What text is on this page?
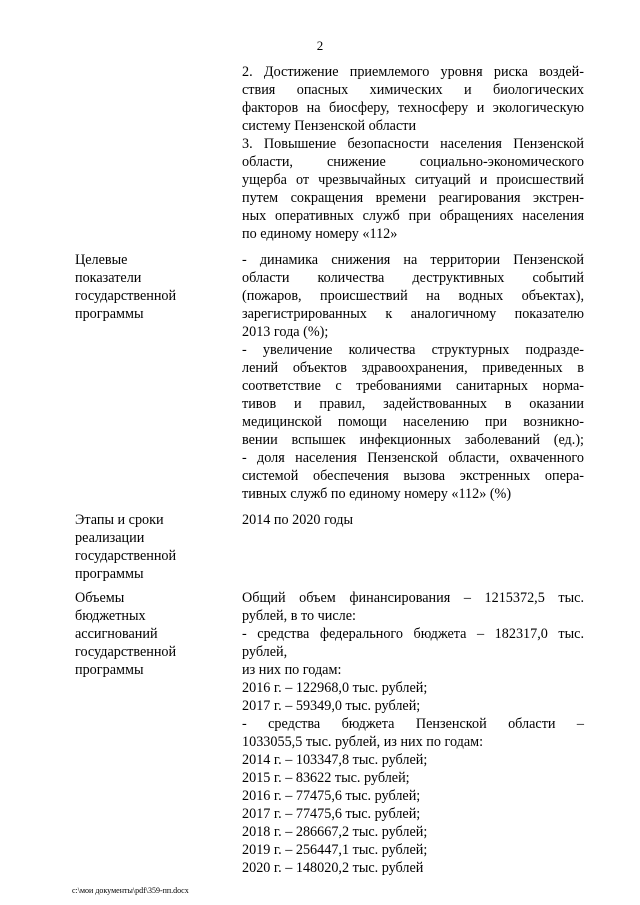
2
2. Достижение приемлемого уровня риска воздей-
ствия опасных химических и биологических
факторов на биосферу, техносферу и экологическую
систему Пензенской области
3. Повышение безопасности населения Пензенской
области, снижение социально-экономического
ущерба от чрезвычайных ситуаций и происшествий
путем сокращения времени реагирования экстрен-
ных оперативных служб при обращениях населения
по единому номеру «112»
Целевые
показатели
государственной
программы
- динамика снижения на территории Пензенской
области количества деструктивных событий
(пожаров, происшествий на водных объектах),
зарегистрированных к аналогичному показателю
2013 года (%);
- увеличение количества структурных подразде-
лений объектов здравоохранения, приведенных в
соответствие с требованиями санитарных норма-
тивов и правил, задействованных в оказании
медицинской помощи населению при возникно-
вении вспышек инфекционных заболеваний (ед.);
- доля населения Пензенской области, охваченного
системой обеспечения вызова экстренных опера-
тивных служб по единому номеру «112» (%)
Этапы и сроки
реализации
государственной
программы
2014 по 2020 годы
Объемы
бюджетных
ассигнований
государственной
программы
Общий объем финансирования – 1215372,5 тыс.
рублей, в то числе:
- средства федерального бюджета – 182317,0 тыс.
рублей,
из них по годам:
2016 г. – 122968,0 тыс. рублей;
2017 г. – 59349,0 тыс. рублей;
- средства бюджета Пензенской области –
1033055,5 тыс. рублей, из них по годам:
2014 г. – 103347,8 тыс. рублей;
2015 г. – 83622 тыс. рублей;
2016 г. – 77475,6 тыс. рублей;
2017 г. – 77475,6 тыс. рублей;
2018 г. – 286667,2 тыс. рублей;
2019 г. – 256447,1 тыс. рублей;
2020 г. – 148020,2 тыс. рублей
c:\мои документы\pdf\359-пп.docx
